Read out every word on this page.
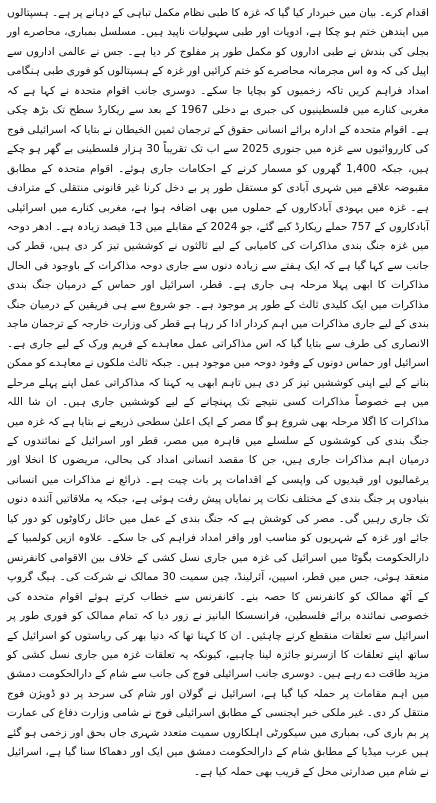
اقدام کرے۔ بیان میں خبردار کیا گیا کہ غزہ کا طبی نظام مکمل تباہی کے دہانے پر ہے۔ ہسپتالوں میں ایندھن ختم ہو چکا ہے، ادویات اور طبی سہولیات ناپید ہیں۔ مسلسل بمباری، محاصرے اور بجلی کی بندش نے طبی اداروں کو مکمل طور پر مفلوج کر دیا ہے۔ جس نے عالمی اداروں سے اپیل کی کہ وہ اس مجرمانہ محاصرے کو ختم کرائیں اور غزہ کے ہسپتالوں کو فوری طبی ہنگامی امداد فراہم کریں تاکہ زخمیوں کو بچایا جا سکے۔ دوسری جانب اقوام متحدہ نے کہا ہے کہ مغربی کنارے میں فلسطینیوں کی جبری بے دخلی 1967 کے بعد سے ریکارڈ سطح تک بڑھ چکی ہے۔ اقوام متحدہ کے ادارہ برائے انسانی حقوق کے ترجمان ثمین الخیطان نے بتایا کہ اسرائیلی فوج کی کارروائیوں سے غزہ میں جنوری 2025 سے اب تک تقریباً 30 ہزار فلسطینی بے گھر ہو چکے ہیں، جبکہ 1,400 گھروں کو مسمار کرنے کے احکامات جاری ہوئے۔ اقوام متحدہ کے مطابق مقبوضہ علاقے میں شہری آبادی کو مستقل طور پر بے دخل کرنا غیر قانونی منتقلی کے مترادف ہے۔ غزہ میں یہودی آبادکاروں کے حملوں میں بھی اضافہ ہوا ہے، مغربی کنارے میں اسرائیلی آبادکاروں کے 757 حملے ریکارڈ کیے گئے، جو 2024 کے مقابلے میں 13 فیصد زیادہ ہے۔ ادھر دوحہ میں غزہ جنگ بندی مذاکرات کی کامیابی کے لیے ثالثوں نے کوششیں تیز کر دی ہیں، قطر کی جانب سے کہا گیا ہے کہ ایک ہفتے سے زیادہ دنوں سے جاری دوحہ مذاکرات کے باوجود فی الحال مذاکرات کا ابھی پہلا مرحلہ ہی جاری ہے۔ قطر، اسرائیل اور حماس کے درمیان جنگ بندی مذاکرات میں ایک کلیدی ثالث کے طور پر موجود ہے۔ جو شروع سے ہی فریقین کے درمیان جنگ بندی کے لیے جاری مذاکرات میں اہم کردار ادا کر رہا ہے قطر کی وزارت خارجہ کے ترجمان ماجد الانصاری کی طرف سے بتایا گیا کہ اس مذاکراتی عمل معاہدے کے فریم ورک کے لیے جاری ہے۔ اسرائیل اور حماس دونوں کے وفود دوحہ میں موجود ہیں۔ جبکہ ثالث ملکوں نے معاہدے کو ممکن بنانے کے لیے اپنی کوششیں تیز کر دی ہیں تاہم ابھی یہ کہنا کہ مذاکراتی عمل اپنے پہلے مرحلے میں ہے خصوصاً مذاکرات کسی نتیجے تک پہنچانے کے لیے کوششیں جاری ہیں۔ ان شا اللہ مذاکرات کا اگلا مرحلہ بھی شروع ہو گا مصر کے ایک اعلیٰ سطحی ذریعے نے بتایا ہے کہ غزہ میں جنگ بندی کی کوششوں کے سلسلے میں قاہرہ میں مصر، قطر اور اسرائیل کے نمائندوں کے درمیان اہم مذاکرات جاری ہیں، جن کا مقصد انسانی امداد کی بحالی، مریضوں کا انخلا اور یرغمالیوں اور قیدیوں کی واپسی کے اقدامات پر بات چیت ہے۔ ذرائع نے مذاکرات میں انسانی بنیادوں پر جنگ بندی کے مختلف نکات پر نمایاں پیش رفت ہوئی ہے، جبکہ یہ ملاقاتیں آئندہ دنوں تک جاری رہیں گی۔ مصر کی کوشش ہے کہ جنگ بندی کے عمل میں حائل رکاوٹوں کو دور کیا جائے اور غزہ کے شہریوں کو مناسب اور وافر امداد فراہم کی جا سکے۔ علاوہ ازیں کولمبیا کے دارالحکومت بگوٹا میں اسرائیل کی غزہ میں جاری نسل کشی کے خلاف بین الاقوامی کانفرنس منعقد ہوئی، جس میں قطر، اسپین، آئرلینڈ، چین سمیت 30 ممالک نے شرکت کی۔ ہیگ گروپ کے آٹھ ممالک کو کانفرنس کا حصہ بنے۔ کانفرنس سے خطاب کرتے ہوئے اقوام متحدہ کی خصوصی نمائندہ برائے فلسطین، فرانسسکا البانیز نے زور دیا کہ تمام ممالک کو فوری طور پر اسرائیل سے تعلقات منقطع کرنے چاہئیں۔ ان کا کہنا تھا کہ دنیا بھر کی ریاستوں کو اسرائیل کے ساتھ اپنے تعلقات کا ازسرنو جائزہ لینا چاہیے، کیونکہ یہ تعلقات غزہ میں جاری نسل کشی کو مزید طاقت دے رہے ہیں۔ دوسری جانب اسرائیلی فوج کی جانب سے شام کے دارالحکومت دمشق میں اہم مقامات پر حملہ کیا گیا ہے، اسرائیل نے گولان اور شام کی سرحد پر دو ڈویژن فوج منتقل کر دی۔ غیر ملکی خبر ایجنسی کے مطابق اسرائیلی فوج نے شامی وزارت دفاع کی عمارت پر بم باری کی، بمباری میں سیکورٹی اہلکاروں سمیت متعدد شہری جاں بحق اور زخمی ہو گئے ہیں عرب میڈیا کے مطابق شام کے دارالحکومت دمشق میں ایک اور دھماکا سنا گیا ہے، اسرائیل نے شام میں صدارتی محل کے قریب بھی حملہ کیا ہے۔
